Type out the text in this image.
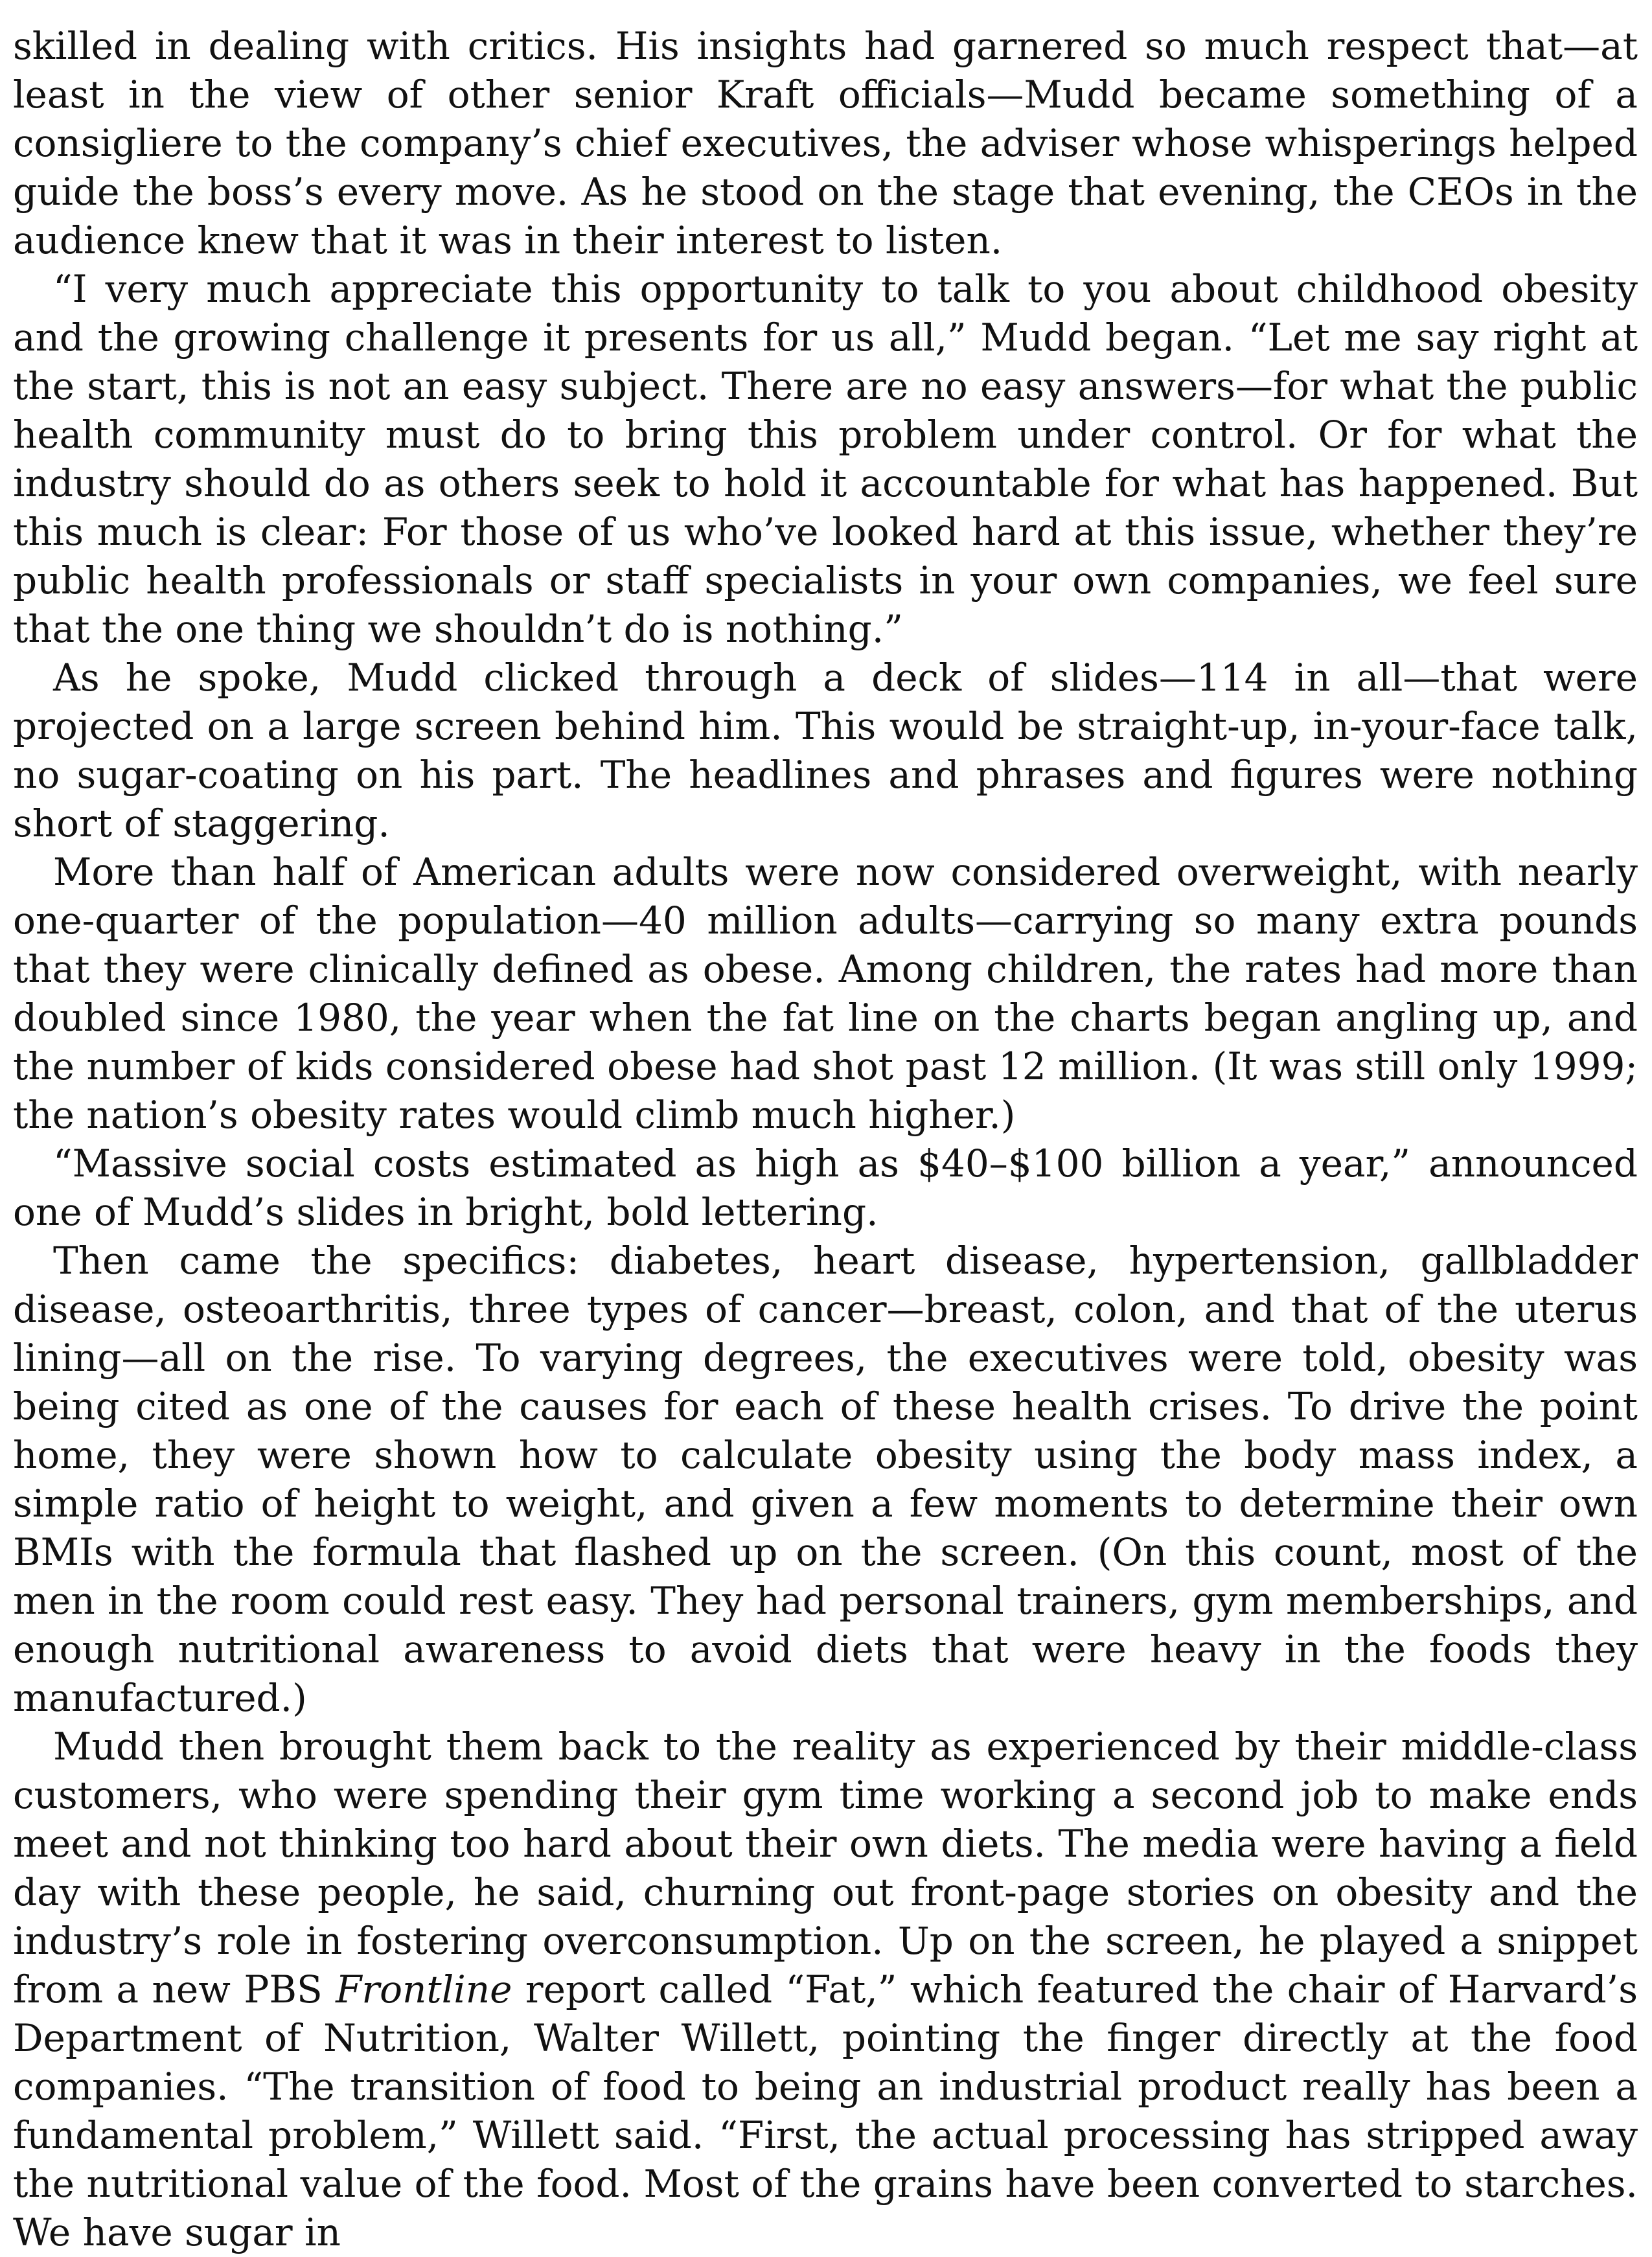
skilled in dealing with critics. His insights had garnered so much respect that—at least in the view of other senior Kraft officials—Mudd became something of a consigliere to the company’s chief executives, the adviser whose whisperings helped guide the boss’s every move. As he stood on the stage that evening, the CEOs in the audience knew that it was in their interest to listen.

“I very much appreciate this opportunity to talk to you about childhood obesity and the growing challenge it presents for us all,” Mudd began. “Let me say right at the start, this is not an easy subject. There are no easy answers—for what the public health community must do to bring this problem under control. Or for what the industry should do as others seek to hold it accountable for what has happened. But this much is clear: For those of us who’ve looked hard at this issue, whether they’re public health professionals or staff specialists in your own companies, we feel sure that the one thing we shouldn’t do is nothing.”

As he spoke, Mudd clicked through a deck of slides—114 in all—that were projected on a large screen behind him. This would be straight-up, in-your-face talk, no sugar-coating on his part. The headlines and phrases and figures were nothing short of staggering.

More than half of American adults were now considered overweight, with nearly one-quarter of the population—40 million adults—carrying so many extra pounds that they were clinically defined as obese. Among children, the rates had more than doubled since 1980, the year when the fat line on the charts began angling up, and the number of kids considered obese had shot past 12 million. (It was still only 1999; the nation’s obesity rates would climb much higher.)

“Massive social costs estimated as high as $40–$100 billion a year,” announced one of Mudd’s slides in bright, bold lettering.

Then came the specifics: diabetes, heart disease, hypertension, gallbladder disease, osteoarthritis, three types of cancer—breast, colon, and that of the uterus lining—all on the rise. To varying degrees, the executives were told, obesity was being cited as one of the causes for each of these health crises. To drive the point home, they were shown how to calculate obesity using the body mass index, a simple ratio of height to weight, and given a few moments to determine their own BMIs with the formula that flashed up on the screen. (On this count, most of the men in the room could rest easy. They had personal trainers, gym memberships, and enough nutritional awareness to avoid diets that were heavy in the foods they manufactured.)

Mudd then brought them back to the reality as experienced by their middle-class customers, who were spending their gym time working a second job to make ends meet and not thinking too hard about their own diets. The media were having a field day with these people, he said, churning out front-page stories on obesity and the industry’s role in fostering overconsumption. Up on the screen, he played a snippet from a new PBS Frontline report called “Fat,” which featured the chair of Harvard’s Department of Nutrition, Walter Willett, pointing the finger directly at the food companies. “The transition of food to being an industrial product really has been a fundamental problem,” Willett said. “First, the actual processing has stripped away the nutritional value of the food. Most of the grains have been converted to starches. We have sugar in
